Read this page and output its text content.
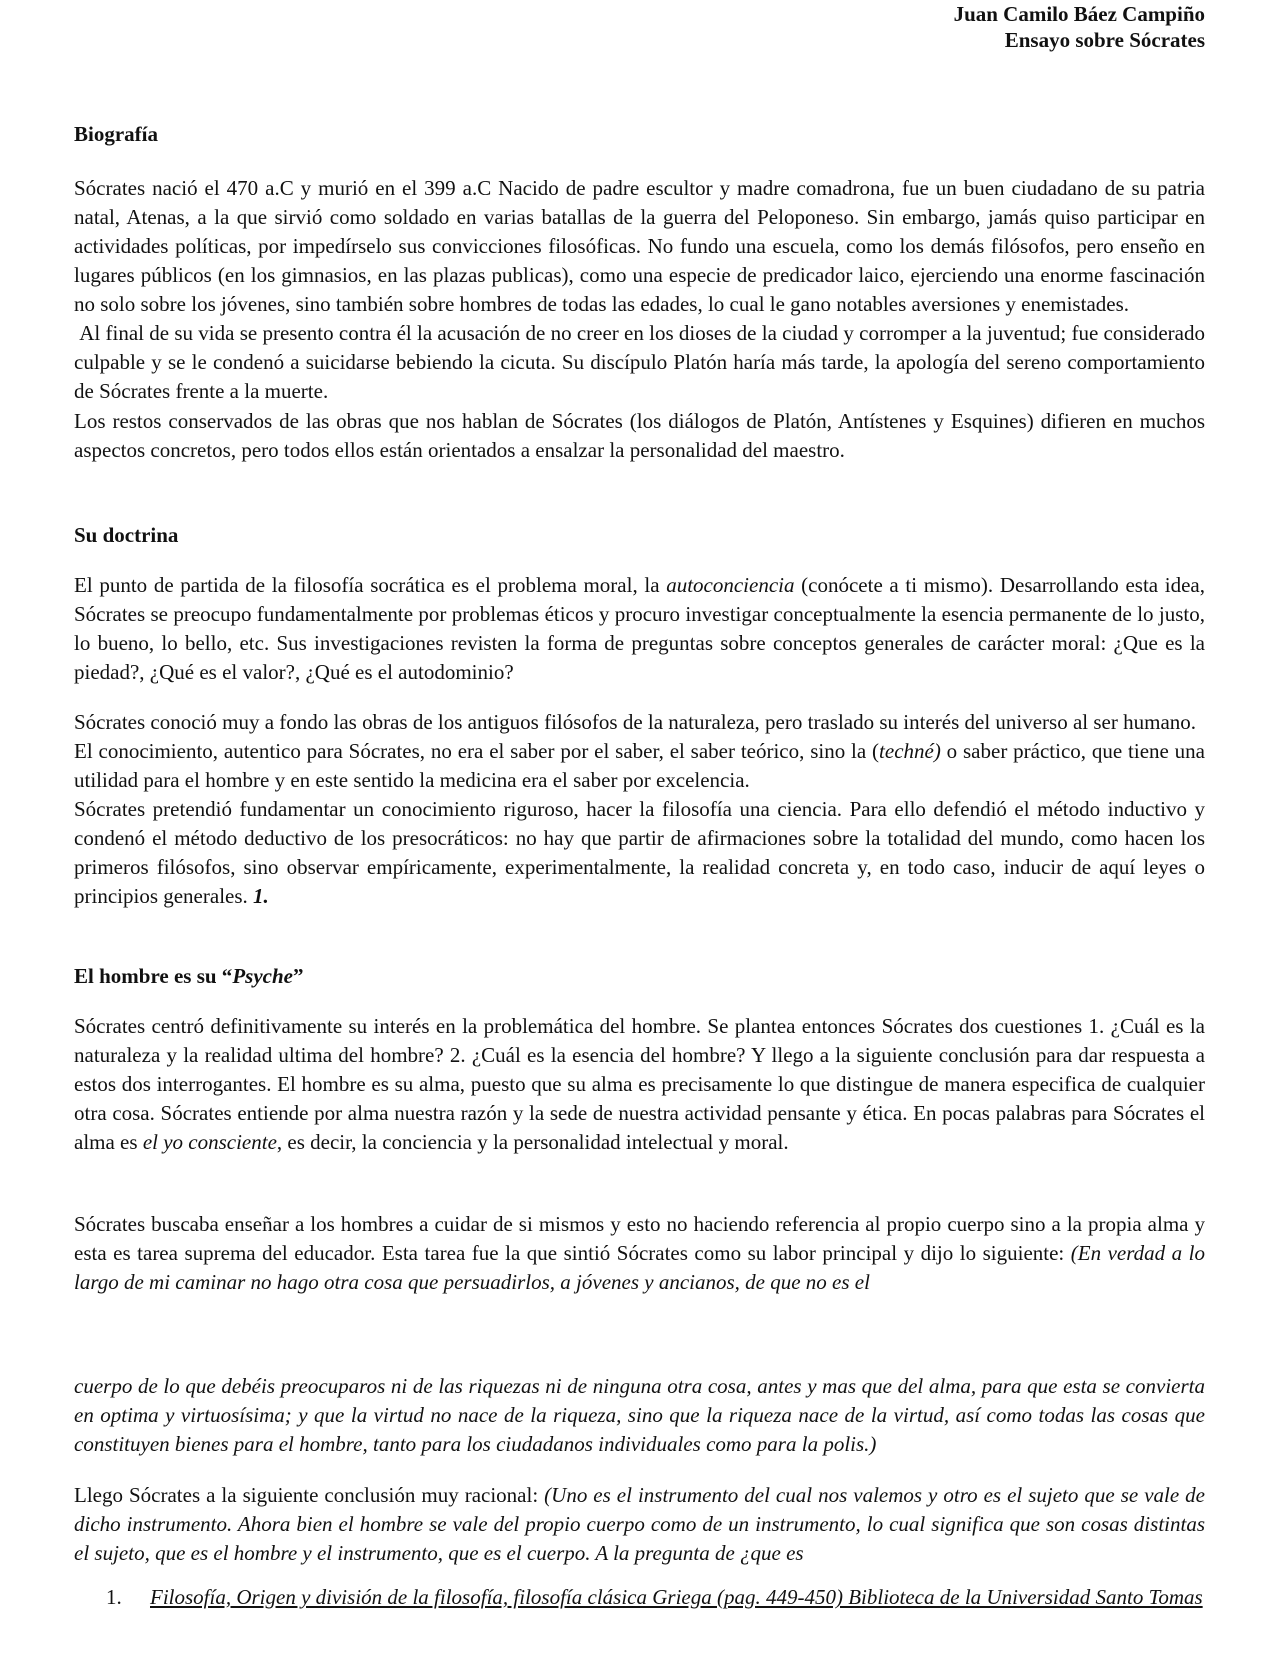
Juan Camilo Báez Campiño
Ensayo sobre Sócrates
Biografía

Sócrates nació el 470 a.C y murió en el 399 a.C Nacido de padre escultor y madre comadrona, fue un buen ciudadano de su patria natal, Atenas, a la que sirvió como soldado en varias batallas de la guerra del Peloponeso. Sin embargo, jamás quiso participar en actividades políticas, por impedírselo sus convicciones filosóficas. No fundo una escuela, como los demás filósofos, pero enseño en lugares públicos (en los gimnasios, en las plazas publicas), como una especie de predicador laico, ejerciendo una enorme fascinación no solo sobre los jóvenes, sino también sobre hombres de todas las edades, lo cual le gano notables aversiones y enemistades.

Al final de su vida se presento contra él la acusación de no creer en los dioses de la ciudad y corromper a la juventud; fue considerado culpable y se le condenó a suicidarse bebiendo la cicuta. Su discípulo Platón haría más tarde, la apología del sereno comportamiento de Sócrates frente a la muerte.

Los restos conservados de las obras que nos hablan de Sócrates (los diálogos de Platón, Antístenes y Esquines) difieren en muchos aspectos concretos, pero todos ellos están orientados a ensalzar la personalidad del maestro.

Su doctrina

El punto de partida de la filosofía socrática es el problema moral, la autoconciencia (conócete a ti mismo). Desarrollando esta idea, Sócrates se preocupo fundamentalmente por problemas éticos y procuro investigar conceptualmente la esencia permanente de lo justo, lo bueno, lo bello, etc. Sus investigaciones revisten la forma de preguntas sobre conceptos generales de carácter moral: ¿Que es la piedad?, ¿Qué es el valor?, ¿Qué es el autodominio?

Sócrates conoció muy a fondo las obras de los antiguos filósofos de la naturaleza, pero traslado su interés del universo al ser humano.

El conocimiento, autentico para Sócrates, no era el saber por el saber, el saber teórico, sino la (techné) o saber práctico, que tiene una utilidad para el hombre y en este sentido la medicina era el saber por excelencia.

Sócrates pretendió fundamentar un conocimiento riguroso, hacer la filosofía una ciencia. Para ello defendió el método inductivo y condenó el método deductivo de los presocráticos: no hay que partir de afirmaciones sobre la totalidad del mundo, como hacen los primeros filósofos, sino observar empíricamente, experimentalmente, la realidad concreta y, en todo caso, inducir de aquí leyes o principios generales. 1.

El hombre es su “Psyche”

Sócrates centró definitivamente su interés en la problemática del hombre. Se plantea entonces Sócrates dos cuestiones 1. ¿Cuál es la naturaleza y la realidad ultima del hombre? 2. ¿Cuál es la esencia del hombre? Y llego a la siguiente conclusión para dar respuesta a estos dos interrogantes. El hombre es su alma, puesto que su alma es precisamente lo que distingue de manera especifica de cualquier otra cosa. Sócrates entiende por alma nuestra razón y la sede de nuestra actividad pensante y ética. En pocas palabras para Sócrates el alma es el yo consciente, es decir, la conciencia y la personalidad intelectual y moral.

Sócrates buscaba enseñar a los hombres a cuidar de si mismos y esto no haciendo referencia al propio cuerpo sino a la propia alma y esta es tarea suprema del educador. Esta tarea fue la que sintió Sócrates como su labor principal y dijo lo siguiente: (En verdad a lo largo de mi caminar no hago otra cosa que persuadirlos, a jóvenes y ancianos, de que no es el

cuerpo de lo que debéis preocuparos ni de las riquezas ni de ninguna otra cosa, antes y mas que del alma, para que esta se convierta en optima y virtuosísima; y que la virtud no nace de la riqueza, sino que la riqueza nace de la virtud, así como todas las cosas que constituyen bienes para el hombre, tanto para los ciudadanos individuales como para la polis.)

Llego Sócrates a la siguiente conclusión muy racional: (Uno es el instrumento del cual nos valemos y otro es el sujeto que se vale de dicho instrumento. Ahora bien el hombre se vale del propio cuerpo como de un instrumento, lo cual significa que son cosas distintas el sujeto, que es el hombre y el instrumento, que es el cuerpo. A la pregunta de ¿que es

1. Filosofía, Origen y división de la filosofía, filosofía clásica Griega (pag. 449-450) Biblioteca de la Universidad Santo Tomas
